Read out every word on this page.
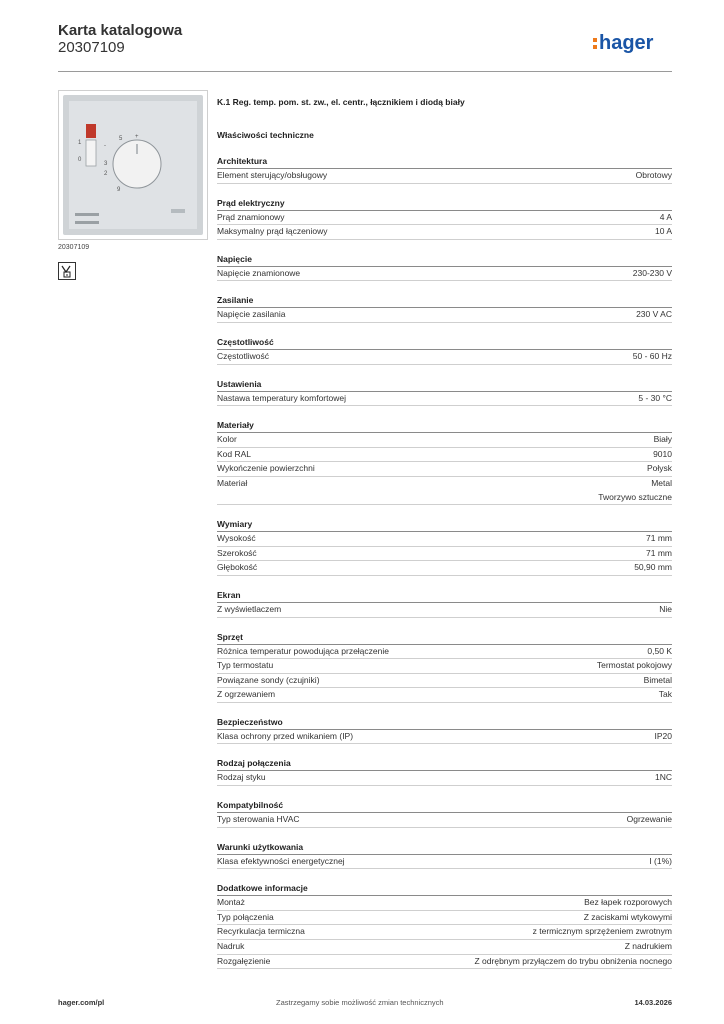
Karta katalogowa
20307109	hager
1
0
-
5
3
2
9
+
20307109
K.1 Reg. temp. pom. st. zw., el. centr., łącznikiem i diodą biały
Właściwości techniczne
Architektura
Element sterujący/obsługowy	Obrotowy
Prąd elektryczny
Prąd znamionowy	4 A
Maksymalny prąd łączeniowy	10 A
Napięcie
Napięcie znamionowe	230-230 V
Zasilanie
Napięcie zasilania	230 V AC
Częstotliwość
Częstotliwość	50 - 60 Hz
Ustawienia
Nastawa temperatury komfortowej	5 - 30 °C
Materiały
Kolor	Biały
Kod RAL	9010
Wykończenie powierzchni	Połysk
Materiał	Metal
Tworzywo sztuczne
Wymiary
Wysokość	71 mm
Szerokość	71 mm
Głębokość	50,90 mm
Ekran
Z wyświetlaczem	Nie
Sprzęt
Różnica temperatur powodująca przełączenie	0,50 K
Typ termostatu	Termostat pokojowy
Powiązane sondy (czujniki)	Bimetal
Z ogrzewaniem	Tak
Bezpieczeństwo
Klasa ochrony przed wnikaniem (IP)	IP20
Rodzaj połączenia
Rodzaj styku	1NC
Kompatybilność
Typ sterowania HVAC	Ogrzewanie
Warunki użytkowania
Klasa efektywności energetycznej	I (1%)
Dodatkowe informacje
Montaż	Bez łapek rozporowych
Typ połączenia	Z zaciskami wtykowymi
Recyrkulacja termiczna	z termicznym sprzężeniem zwrotnym
Nadruk	Z nadrukiem
Rozgałęzienie	Z odrębnym przyłączem do trybu obniżenia nocnego
hager.com/pl	Zastrzegamy sobie możliwość zmian technicznych	14.03.2026
